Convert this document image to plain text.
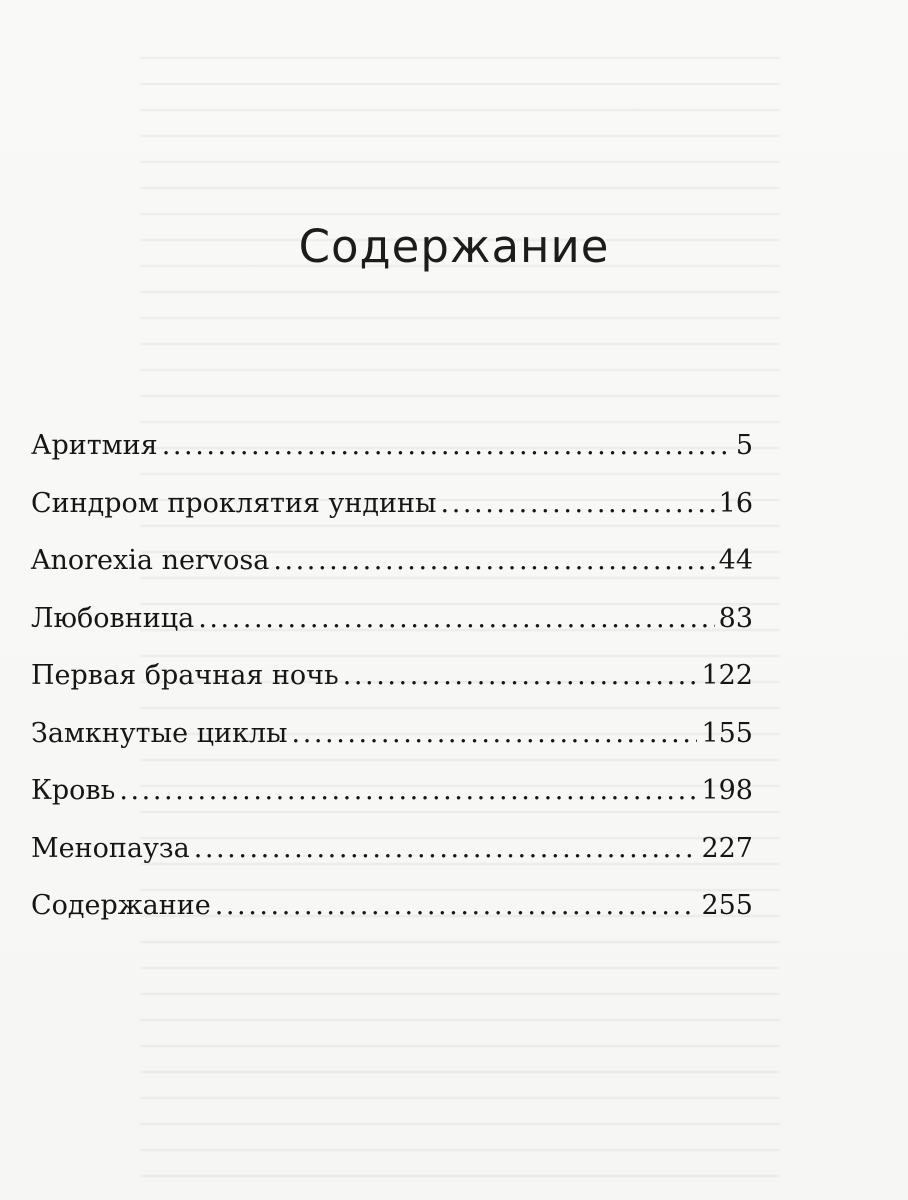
Содержание
Аритмия . . .	5
Синдром проклятия ундины . . .	16
Anorexia nervosa . . .	44
Любовница . . .	83
Первая брачная ночь . . .	122
Замкнутые циклы . . .	155
Кровь . . .	198
Менопауза . . .	227
Содержание . . .	255
